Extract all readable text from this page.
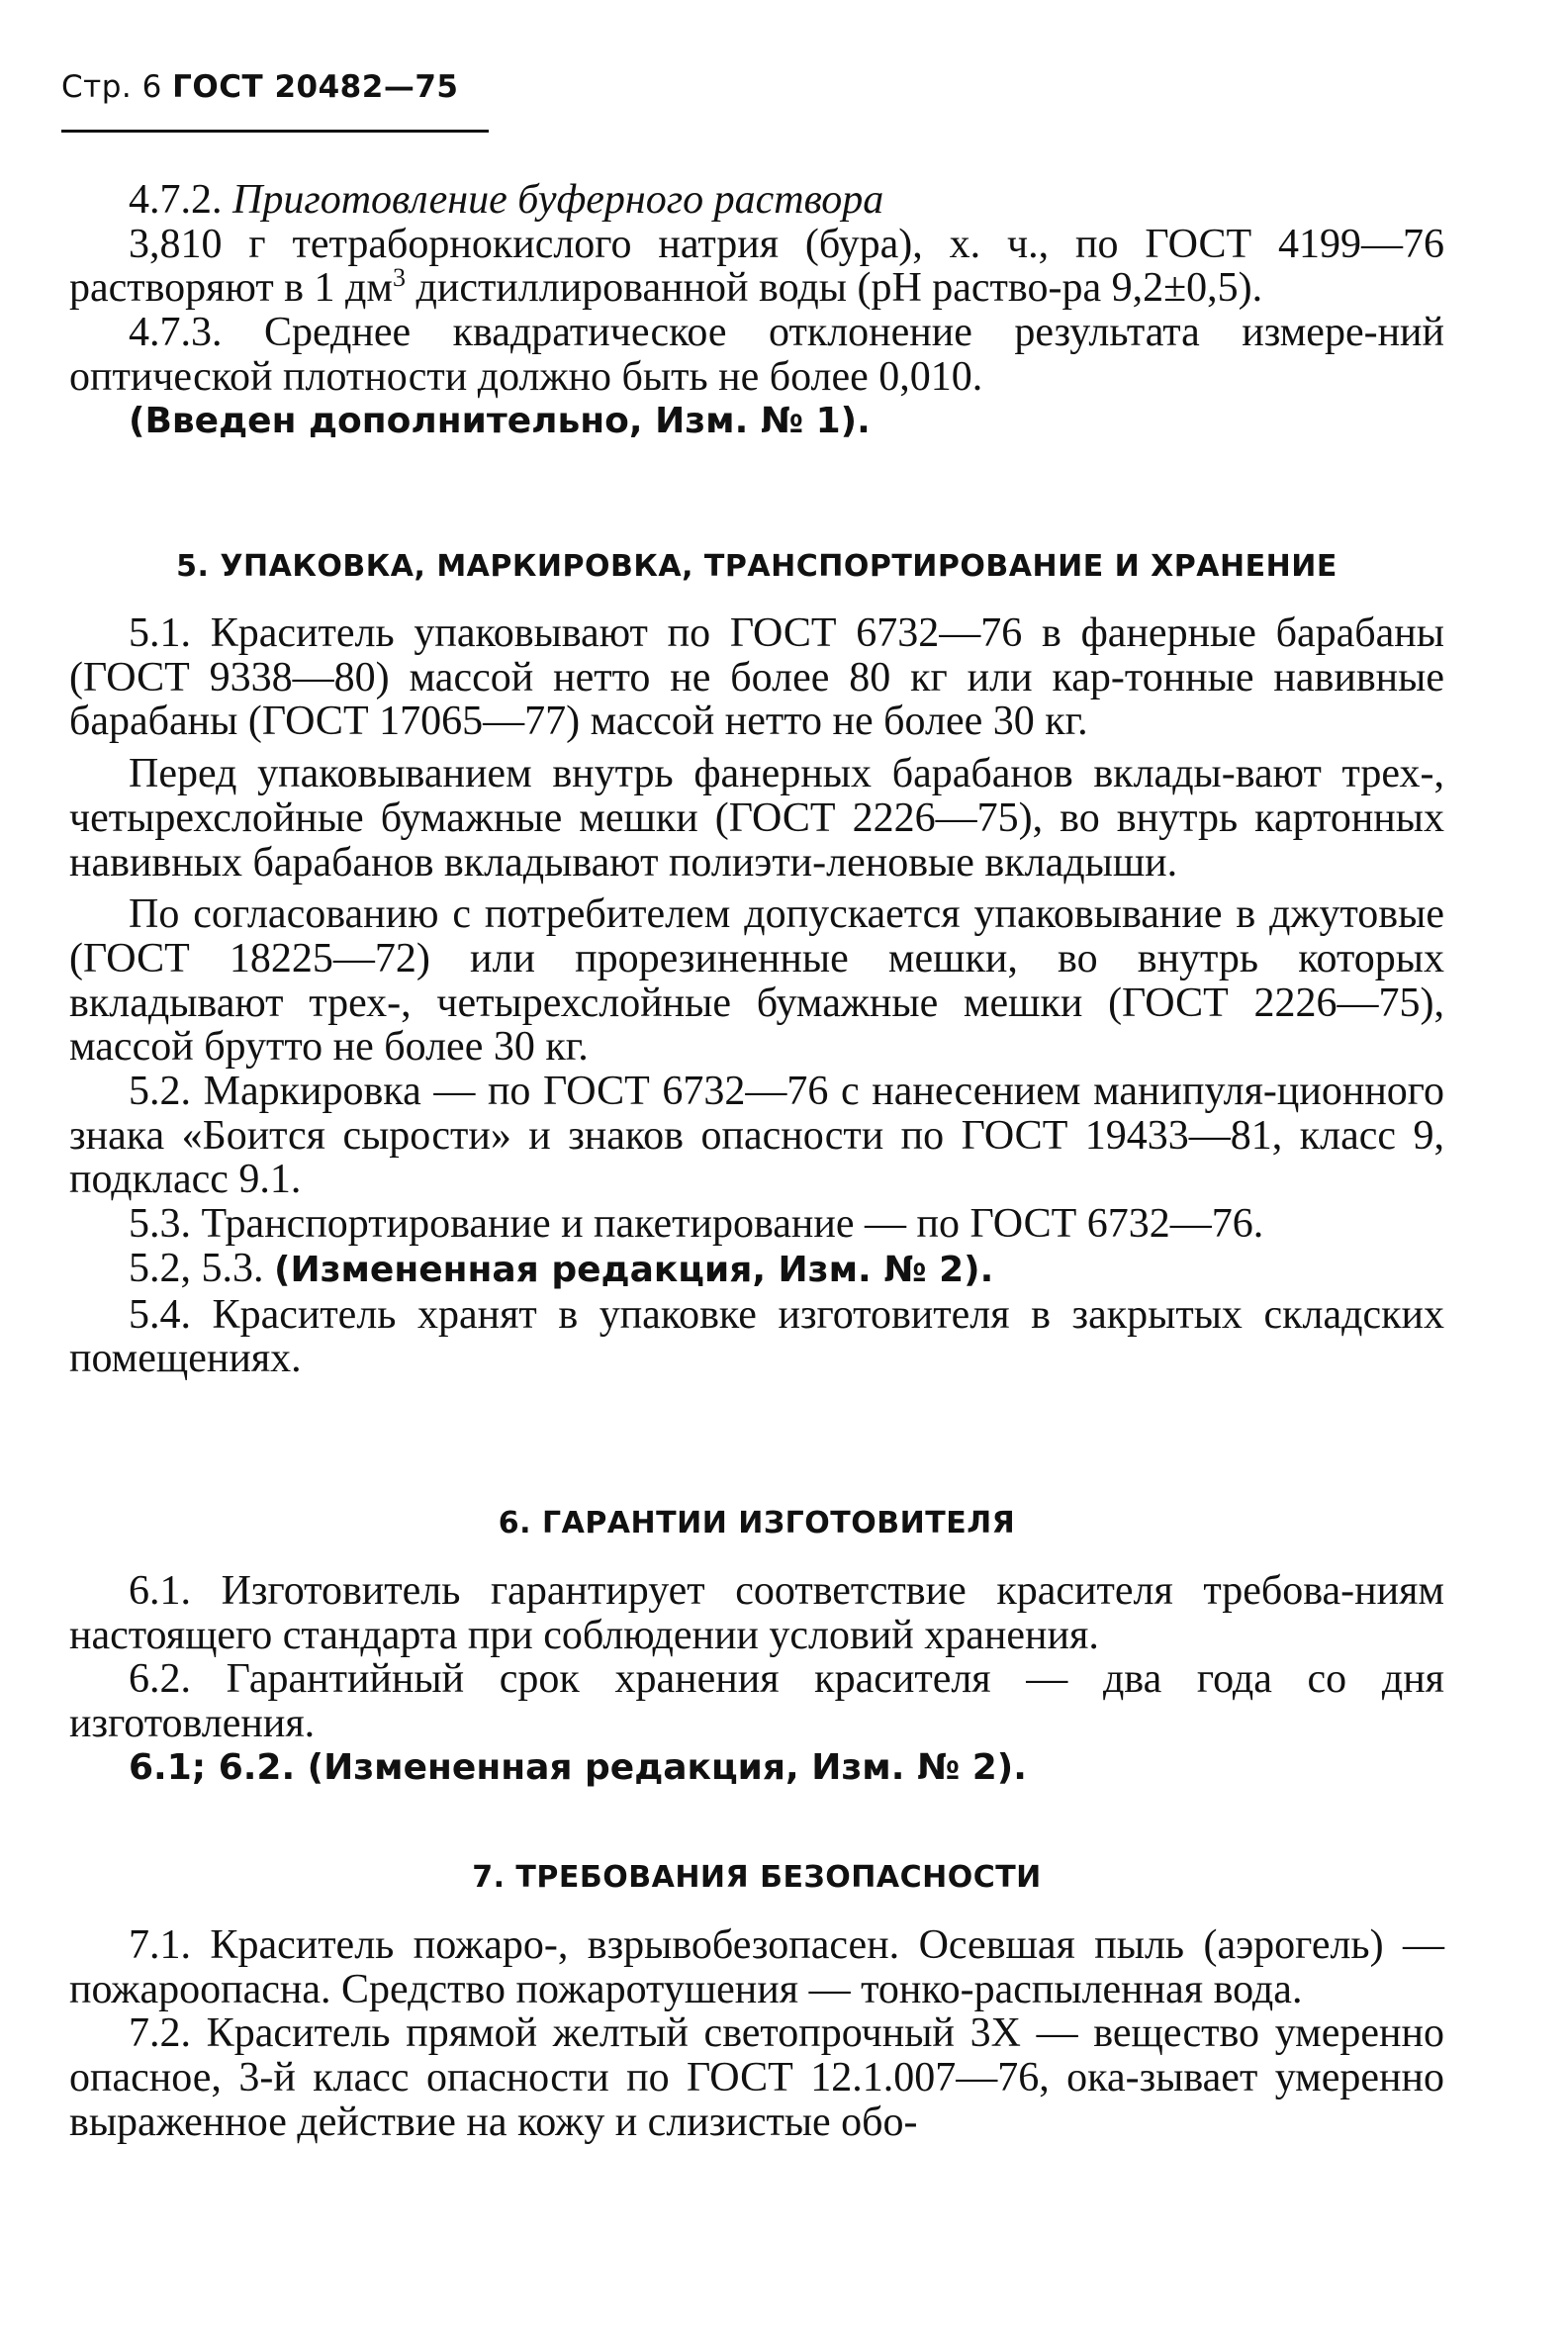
Стр. 6 ГОСТ 20482—75

4.7.2. Приготовление буферного раствора

3,810 г тетраборнокислого натрия (бура), х. ч., по ГОСТ 4199—76 растворяют в 1 $дм^3$ дистиллированной воды (рН раство-ра 9,2±0,5).

4.7.3. Среднее квадратическое отклонение результата измере-ний оптической плотности должно быть не более 0,010.

(Введен дополнительно, Изм. № 1).

5. УПАКОВКА, МАРКИРОВКА, ТРАНСПОРТИРОВАНИЕ И ХРАНЕНИЕ

5.1. Краситель упаковывают по ГОСТ 6732—76 в фанерные барабаны (ГОСТ 9338—80) массой нетто не более 80 кг или кар-тонные навивные барабаны (ГОСТ 17065—77) массой нетто не более 30 кг.

Перед упаковыванием внутрь фанерных барабанов вклады-вают трех-, четырехслойные бумажные мешки (ГОСТ 2226—75), во внутрь картонных навивных барабанов вкладывают полиэти-леновые вкладыши.

По согласованию с потребителем допускается упаковывание в джутовые (ГОСТ 18225—72) или прорезиненные мешки, во внутрь которых вкладывают трех-, четырехслойные бумажные мешки (ГОСТ 2226—75), массой брутто не более 30 кг.

5.2. Маркировка — по ГОСТ 6732—76 с нанесением манипуля-ционного знака «Боится сырости» и знаков опасности по ГОСТ 19433—81, класс 9, подкласс 9.1.

5.3. Транспортирование и пакетирование — по ГОСТ 6732—76.

5.2, 5.3. (Измененная редакция, Изм. № 2).

5.4. Краситель хранят в упаковке изготовителя в закрытых складских помещениях.

6. ГАРАНТИИ ИЗГОТОВИТЕЛЯ

6.1. Изготовитель гарантирует соответствие красителя требова-ниям настоящего стандарта при соблюдении условий хранения.

6.2. Гарантийный срок хранения красителя — два года со дня изготовления.

6.1; 6.2. (Измененная редакция, Изм. № 2).

7. ТРЕБОВАНИЯ БЕЗОПАСНОСТИ

7.1. Краситель пожаро-, взрывобезопасен. Осевшая пыль (аэрогель) — пожароопасна. Средство пожаротушения — тонко-распыленная вода.

7.2. Краситель прямой желтый светопрочный 3Х — вещество умеренно опасное, 3-й класс опасности по ГОСТ 12.1.007—76, ока-зывает умеренно выраженное действие на кожу и слизистые обо-
